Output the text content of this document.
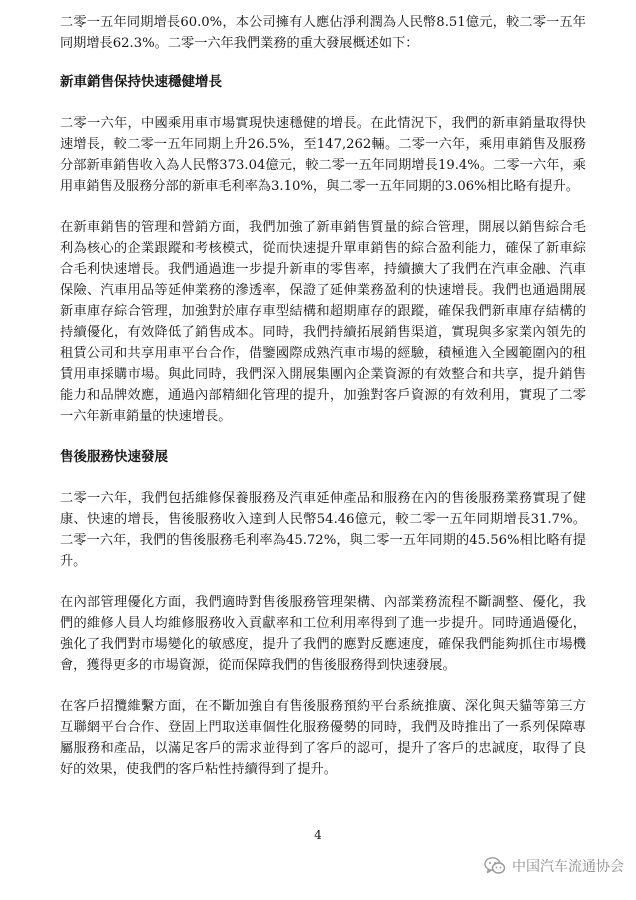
二零一五年同期增長60.0%，本公司擁有人應佔淨利潤為人民幣8.51億元，較二零一五年同期增長62.3%。二零一六年我們業務的重大發展概述如下：

新車銷售保持快速穩健增長

二零一六年，中國乘用車市場實現快速穩健的增長。在此情況下，我們的新車銷量取得快速增長，較二零一五年同期上升26.5%，至147,262輛。二零一六年，乘用車銷售及服務分部新車銷售收入為人民幣373.04億元，較二零一五年同期增長19.4%。二零一六年，乘用車銷售及服務分部的新車毛利率為3.10%，與二零一五年同期的3.06%相比略有提升。

在新車銷售的管理和營銷方面，我們加強了新車銷售質量的綜合管理，開展以銷售綜合毛利為核心的企業跟蹤和考核模式，從而快速提升單車銷售的綜合盈利能力，確保了新車綜合毛利快速增長。我們通過進一步提升新車的零售率，持續擴大了我們在汽車金融、汽車保險、汽車用品等延伸業務的滲透率，保證了延伸業務盈利的快速增長。我們也通過開展新車庫存綜合管理，加強對於庫存車型結構和超期庫存的跟蹤，確保我們新車庫存結構的持續優化，有效降低了銷售成本。同時，我們持續拓展銷售渠道，實現與多家業內領先的租賃公司和共享用車平台合作，借鑒國際成熟汽車市場的經驗，積極進入全國範圍內的租賃用車採購市場。與此同時，我們深入開展集團內企業資源的有效整合和共享，提升銷售能力和品牌效應，通過內部精細化管理的提升，加強對客戶資源的有效利用，實現了二零一六年新車銷量的快速增長。

售後服務快速發展

二零一六年，我們包括維修保養服務及汽車延伸產品和服務在內的售後服務業務實現了健康、快速的增長，售後服務收入達到人民幣54.46億元，較二零一五年同期增長31.7%。二零一六年，我們的售後服務毛利率為45.72%，與二零一五年同期的45.56%相比略有提升。

在內部管理優化方面，我們適時對售後服務管理架構、內部業務流程不斷調整、優化，我們的維修人員人均維修服務收入貢獻率和工位利用率得到了進一步提升。同時通過優化，強化了我們對市場變化的敏感度，提升了我們的應對反應速度，確保我們能夠抓住市場機會，獲得更多的市場資源，從而保障我們的售後服務得到快速發展。

在客戶招攬維繫方面，在不斷加強自有售後服務預約平台系統推廣、深化與天貓等第三方互聯網平台合作、登固上門取送車個性化服務優勢的同時，我們及時推出了一系列保障專屬服務和產品，以滿足客戶的需求並得到了客戶的認可，提升了客戶的忠誠度，取得了良好的效果，使我們的客戶粘性持續得到了提升。

4
中国汽车流通协会
